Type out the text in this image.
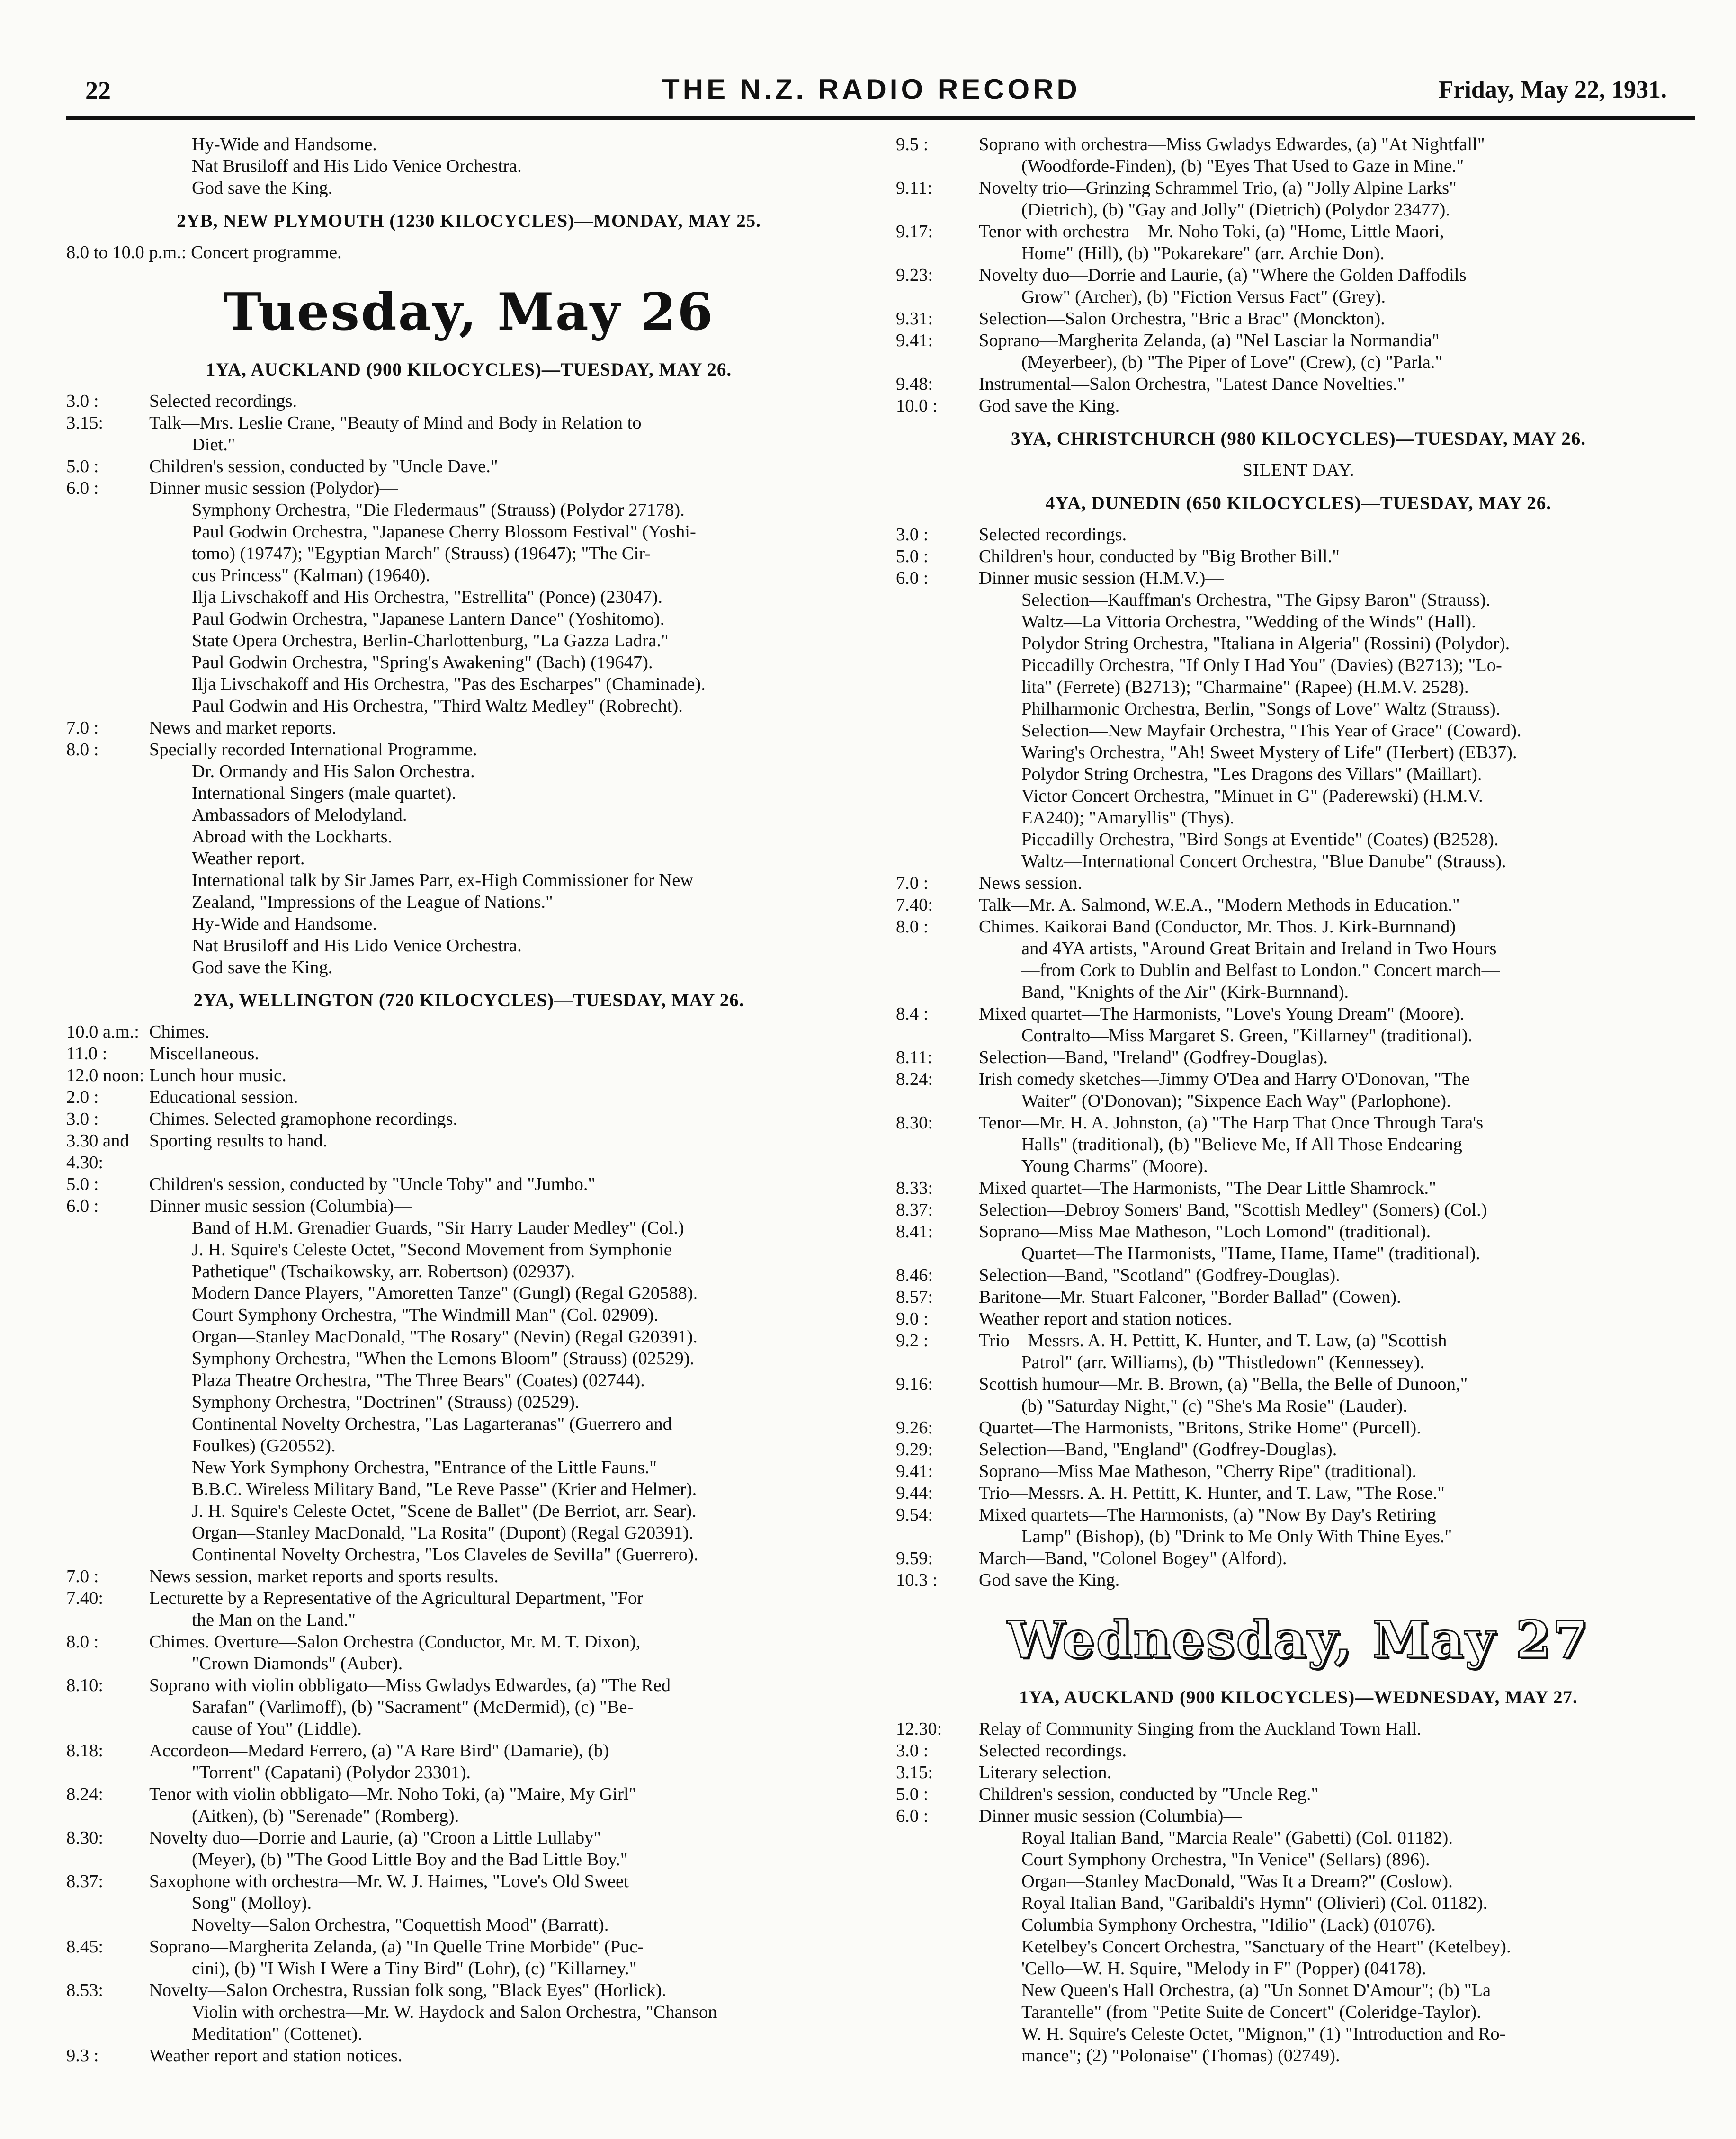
22	THE N.Z. RADIO RECORD	Friday, May 22, 1931.
Hy-Wide and Handsome.
Nat Brusiloff and His Lido Venice Orchestra.
God save the King.
2YB, NEW PLYMOUTH (1230 KILOCYCLES)—MONDAY, MAY 25.
8.0 to 10.0 p.m.: Concert programme.
Tuesday, May 26
1YA, AUCKLAND (900 KILOCYCLES)—TUESDAY, MAY 26.
3.0 :	Selected recordings.
3.15:	Talk—Mrs. Leslie Crane, "Beauty of Mind and Body in Relation to
Diet."
5.0 :	Children's session, conducted by "Uncle Dave."
6.0 :	Dinner music session (Polydor)—
Symphony Orchestra, "Die Fledermaus" (Strauss) (Polydor 27178).
Paul Godwin Orchestra, "Japanese Cherry Blossom Festival" (Yoshi-
tomo) (19747); "Egyptian March" (Strauss) (19647); "The Cir-
cus Princess" (Kalman) (19640).
Ilja Livschakoff and His Orchestra, "Estrellita" (Ponce) (23047).
Paul Godwin Orchestra, "Japanese Lantern Dance" (Yoshitomo).
State Opera Orchestra, Berlin-Charlottenburg, "La Gazza Ladra."
Paul Godwin Orchestra, "Spring's Awakening" (Bach) (19647).
Ilja Livschakoff and His Orchestra, "Pas des Escharpes" (Chaminade).
Paul Godwin and His Orchestra, "Third Waltz Medley" (Robrecht).
7.0 :	News and market reports.
8.0 :	Specially recorded International Programme.
Dr. Ormandy and His Salon Orchestra.
International Singers (male quartet).
Ambassadors of Melodyland.
Abroad with the Lockharts.
Weather report.
International talk by Sir James Parr, ex-High Commissioner for New
Zealand, "Impressions of the League of Nations."
Hy-Wide and Handsome.
Nat Brusiloff and His Lido Venice Orchestra.
God save the King.
2YA, WELLINGTON (720 KILOCYCLES)—TUESDAY, MAY 26.
10.0 a.m.: Chimes.
11.0 : Miscellaneous.
12.0 noon: Lunch hour music.
2.0 :	Educational session.
3.0 :	Chimes. Selected gramophone recordings.
3.30 and 4.30:Sporting results to hand.
5.0 :	Children's session, conducted by "Uncle Toby" and "Jumbo."
6.0 :	Dinner music session (Columbia)—
Band of H.M. Grenadier Guards, "Sir Harry Lauder Medley" (Col.)
J. H. Squire's Celeste Octet, "Second Movement from Symphonie
Pathetique" (Tschaikowsky, arr. Robertson) (02937).
Modern Dance Players, "Amoretten Tanze" (Gungl) (Regal G20588).
Court Symphony Orchestra, "The Windmill Man" (Col. 02909).
Organ—Stanley MacDonald, "The Rosary" (Nevin) (Regal G20391).
Symphony Orchestra, "When the Lemons Bloom" (Strauss) (02529).
Plaza Theatre Orchestra, "The Three Bears" (Coates) (02744).
Symphony Orchestra, "Doctrinen" (Strauss) (02529).
Continental Novelty Orchestra, "Las Lagarteranas" (Guerrero and
Foulkes) (G20552).
New York Symphony Orchestra, "Entrance of the Little Fauns."
B.B.C. Wireless Military Band, "Le Reve Passe" (Krier and Helmer).
J. H. Squire's Celeste Octet, "Scene de Ballet" (De Berriot, arr. Sear).
Organ—Stanley MacDonald, "La Rosita" (Dupont) (Regal G20391).
Continental Novelty Orchestra, "Los Claveles de Sevilla" (Guerrero).
7.0 :	News session, market reports and sports results.
7.40:	Lecturette by a Representative of the Agricultural Department, "For
the Man on the Land."
8.0 :	Chimes. Overture—Salon Orchestra (Conductor, Mr. M. T. Dixon),
"Crown Diamonds" (Auber).
8.10:	Soprano with violin obbligato—Miss Gwladys Edwardes, (a) "The Red
Sarafan" (Varlimoff), (b) "Sacrament" (McDermid), (c) "Be-
cause of You" (Liddle).
8.18:	Accordeon—Medard Ferrero, (a) "A Rare Bird" (Damarie), (b)
"Torrent" (Capatani) (Polydor 23301).
8.24:	Tenor with violin obbligato—Mr. Noho Toki, (a) "Maire, My Girl"
(Aitken), (b) "Serenade" (Romberg).
8.30:	Novelty duo—Dorrie and Laurie, (a) "Croon a Little Lullaby"
(Meyer), (b) "The Good Little Boy and the Bad Little Boy."
8.37:	Saxophone with orchestra—Mr. W. J. Haimes, "Love's Old Sweet
Song" (Molloy).
Novelty—Salon Orchestra, "Coquettish Mood" (Barratt).
8.45:	Soprano—Margherita Zelanda, (a) "In Quelle Trine Morbide" (Puc-
cini), (b) "I Wish I Were a Tiny Bird" (Lohr), (c) "Killarney."
8.53:	Novelty—Salon Orchestra, Russian folk song, "Black Eyes" (Horlick).
Violin with orchestra—Mr. W. Haydock and Salon Orchestra, "Chanson
Meditation" (Cottenet).
9.3 :	Weather report and station notices.
9.5 :	Soprano with orchestra—Miss Gwladys Edwardes, (a) "At Nightfall"
(Woodforde-Finden), (b) "Eyes That Used to Gaze in Mine."
9.11:	Novelty trio—Grinzing Schrammel Trio, (a) "Jolly Alpine Larks"
(Dietrich), (b) "Gay and Jolly" (Dietrich) (Polydor 23477).
9.17:	Tenor with orchestra—Mr. Noho Toki, (a) "Home, Little Maori,
Home" (Hill), (b) "Pokarekare" (arr. Archie Don).
9.23:	Novelty duo—Dorrie and Laurie, (a) "Where the Golden Daffodils
Grow" (Archer), (b) "Fiction Versus Fact" (Grey).
9.31:	Selection—Salon Orchestra, "Bric a Brac" (Monckton).
9.41:	Soprano—Margherita Zelanda, (a) "Nel Lasciar la Normandia"
(Meyerbeer), (b) "The Piper of Love" (Crew), (c) "Parla."
9.48:	Instrumental—Salon Orchestra, "Latest Dance Novelties."
10.0 : God save the King.
3YA, CHRISTCHURCH (980 KILOCYCLES)—TUESDAY, MAY 26.
SILENT DAY.
4YA, DUNEDIN (650 KILOCYCLES)—TUESDAY, MAY 26.
3.0 :	Selected recordings.
5.0 :	Children's hour, conducted by "Big Brother Bill."
6.0 :	Dinner music session (H.M.V.)—
Selection—Kauffman's Orchestra, "The Gipsy Baron" (Strauss).
Waltz—La Vittoria Orchestra, "Wedding of the Winds" (Hall).
Polydor String Orchestra, "Italiana in Algeria" (Rossini) (Polydor).
Piccadilly Orchestra, "If Only I Had You" (Davies) (B2713); "Lo-
lita" (Ferrete) (B2713); "Charmaine" (Rapee) (H.M.V. 2528).
Philharmonic Orchestra, Berlin, "Songs of Love" Waltz (Strauss).
Selection—New Mayfair Orchestra, "This Year of Grace" (Coward).
Waring's Orchestra, "Ah! Sweet Mystery of Life" (Herbert) (EB37).
Polydor String Orchestra, "Les Dragons des Villars" (Maillart).
Victor Concert Orchestra, "Minuet in G" (Paderewski) (H.M.V.
EA240); "Amaryllis" (Thys).
Piccadilly Orchestra, "Bird Songs at Eventide" (Coates) (B2528).
Waltz—International Concert Orchestra, "Blue Danube" (Strauss).
7.0 :	News session.
7.40:	Talk—Mr. A. Salmond, W.E.A., "Modern Methods in Education."
8.0 :	Chimes. Kaikorai Band (Conductor, Mr. Thos. J. Kirk-Burnnand)
and 4YA artists, "Around Great Britain and Ireland in Two Hours
—from Cork to Dublin and Belfast to London." Concert march—
Band, "Knights of the Air" (Kirk-Burnnand).
8.4 :	Mixed quartet—The Harmonists, "Love's Young Dream" (Moore).
Contralto—Miss Margaret S. Green, "Killarney" (traditional).
8.11:	Selection—Band, "Ireland" (Godfrey-Douglas).
8.24:	Irish comedy sketches—Jimmy O'Dea and Harry O'Donovan, "The
Waiter" (O'Donovan); "Sixpence Each Way" (Parlophone).
8.30:	Tenor—Mr. H. A. Johnston, (a) "The Harp That Once Through Tara's
Halls" (traditional), (b) "Believe Me, If All Those Endearing
Young Charms" (Moore).
8.33:	Mixed quartet—The Harmonists, "The Dear Little Shamrock."
8.37:	Selection—Debroy Somers' Band, "Scottish Medley" (Somers) (Col.)
8.41:	Soprano—Miss Mae Matheson, "Loch Lomond" (traditional).
Quartet—The Harmonists, "Hame, Hame, Hame" (traditional).
8.46:	Selection—Band, "Scotland" (Godfrey-Douglas).
8.57:	Baritone—Mr. Stuart Falconer, "Border Ballad" (Cowen).
9.0 :	Weather report and station notices.
9.2 :	Trio—Messrs. A. H. Pettitt, K. Hunter, and T. Law, (a) "Scottish
Patrol" (arr. Williams), (b) "Thistledown" (Kennessey).
9.16:	Scottish humour—Mr. B. Brown, (a) "Bella, the Belle of Dunoon,"
(b) "Saturday Night," (c) "She's Ma Rosie" (Lauder).
9.26:	Quartet—The Harmonists, "Britons, Strike Home" (Purcell).
9.29:	Selection—Band, "England" (Godfrey-Douglas).
9.41:	Soprano—Miss Mae Matheson, "Cherry Ripe" (traditional).
9.44:	Trio—Messrs. A. H. Pettitt, K. Hunter, and T. Law, "The Rose."
9.54:	Mixed quartets—The Harmonists, (a) "Now By Day's Retiring
Lamp" (Bishop), (b) "Drink to Me Only With Thine Eyes."
9.59:	March—Band, "Colonel Bogey" (Alford).
10.3 : God save the King.
Wednesday, May 27
1YA, AUCKLAND (900 KILOCYCLES)—WEDNESDAY, MAY 27.
12.30: Relay of Community Singing from the Auckland Town Hall.
3.0 :	Selected recordings.
3.15:	Literary selection.
5.0 :	Children's session, conducted by "Uncle Reg."
6.0 :	Dinner music session (Columbia)—
Royal Italian Band, "Marcia Reale" (Gabetti) (Col. 01182).
Court Symphony Orchestra, "In Venice" (Sellars) (896).
Organ—Stanley MacDonald, "Was It a Dream?" (Coslow).
Royal Italian Band, "Garibaldi's Hymn" (Olivieri) (Col. 01182).
Columbia Symphony Orchestra, "Idilio" (Lack) (01076).
Ketelbey's Concert Orchestra, "Sanctuary of the Heart" (Ketelbey).
'Cello—W. H. Squire, "Melody in F" (Popper) (04178).
New Queen's Hall Orchestra, (a) "Un Sonnet D'Amour"; (b) "La
Tarantelle" (from "Petite Suite de Concert" (Coleridge-Taylor).
W. H. Squire's Celeste Octet, "Mignon," (1) "Introduction and Ro-
mance"; (2) "Polonaise" (Thomas) (02749).
